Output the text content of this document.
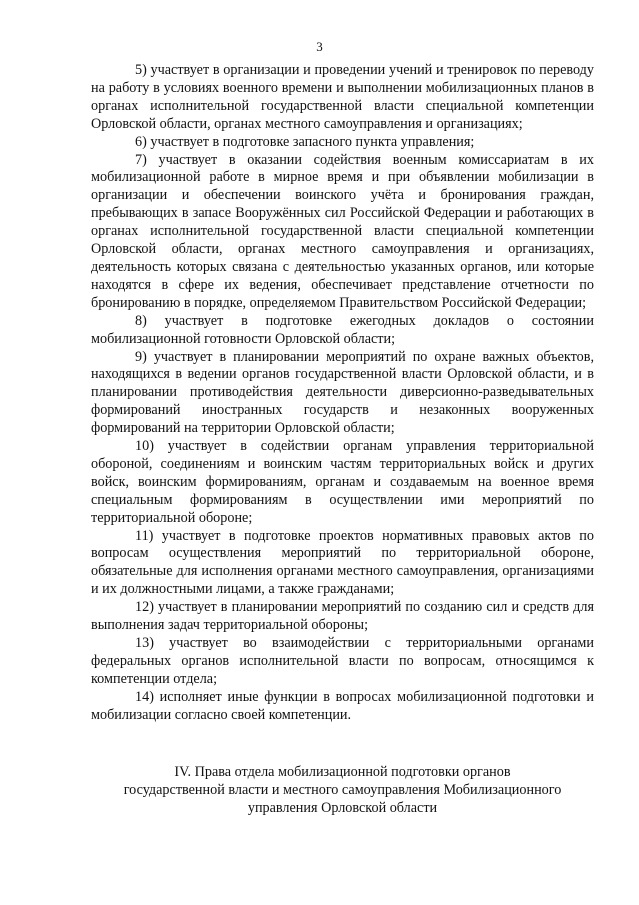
3

5) участвует в организации и проведении учений и тренировок по переводу на работу в условиях военного времени и выполнении мобилизационных планов в органах исполнительной государственной власти специальной компетенции Орловской области, органах местного самоуправления и организациях;

6) участвует в подготовке запасного пункта управления;

7) участвует в оказании содействия военным комиссариатам в их мобилизационной работе в мирное время и при объявлении мобилизации в организации и обеспечении воинского учёта и бронирования граждан, пребывающих в запасе Вооружённых сил Российской Федерации и работающих в органах исполнительной государственной власти специальной компетенции Орловской области, органах местного самоуправления и организациях, деятельность которых связана с деятельностью указанных органов, или которые находятся в сфере их ведения, обеспечивает представление отчетности по бронированию в порядке, определяемом Правительством Российской Федерации;

8) участвует в подготовке ежегодных докладов о состоянии мобилизационной готовности Орловской области;

9) участвует в планировании мероприятий по охране важных объектов, находящихся в ведении органов государственной власти Орловской области, и в планировании противодействия деятельности диверсионно-разведывательных формирований иностранных государств и незаконных вооруженных формирований на территории Орловской области;

10) участвует в содействии органам управления территориальной обороной, соединениям и воинским частям территориальных войск и других войск, воинским формированиям, органам и создаваемым на военное время специальным формированиям в осуществлении ими мероприятий по территориальной обороне;

11) участвует в подготовке проектов нормативных правовых актов по вопросам осуществления мероприятий по территориальной обороне, обязательные для исполнения органами местного самоуправления, организациями и их должностными лицами, а также гражданами;

12) участвует в планировании мероприятий по созданию сил и средств для выполнения задач территориальной обороны;

13) участвует во взаимодействии с территориальными органами федеральных органов исполнительной власти по вопросам, относящимся к компетенции отдела;

14) исполняет иные функции в вопросах мобилизационной подготовки и мобилизации согласно своей компетенции.

IV. Права отдела мобилизационной подготовки органов
государственной власти и местного самоуправления Мобилизационного
управления Орловской области
